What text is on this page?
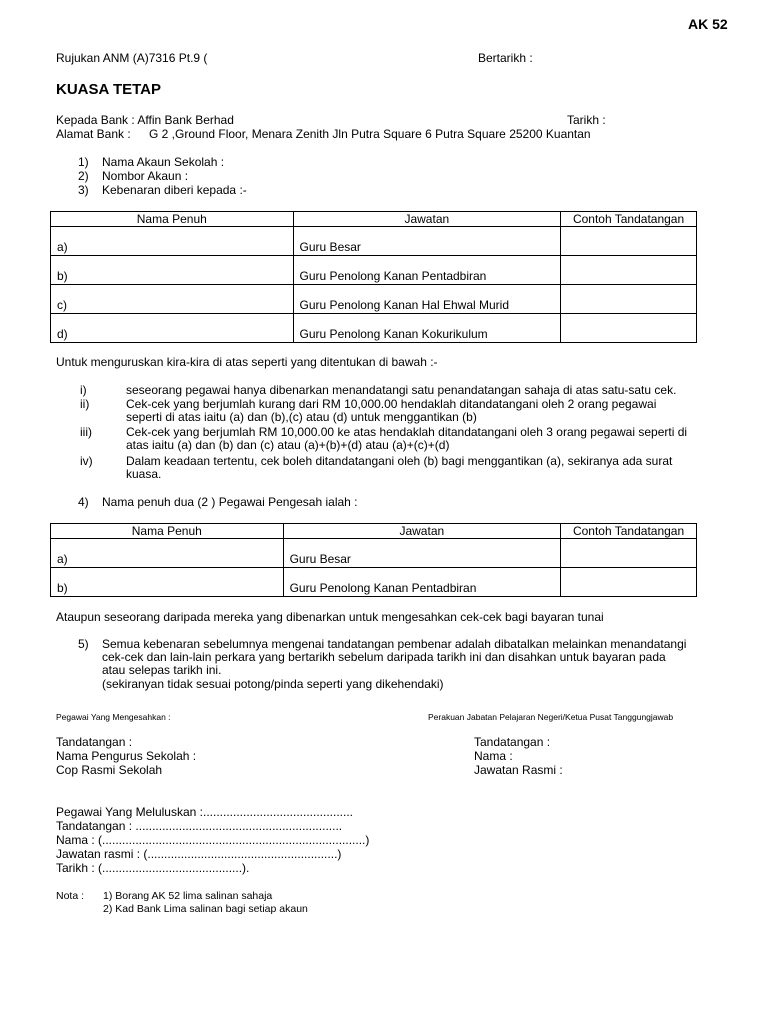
AK 52
Rujukan ANM (A)7316 Pt.9 (	Bertarikh :
KUASA TETAP
Kepada Bank : Affin Bank Berhad	Tarikh :
Alamat Bank : G 2 ,Ground Floor, Menara Zenith Jln Putra Square 6 Putra Square 25200 Kuantan
1) Nama Akaun Sekolah :
2) Nombor Akaun :
3) Kebenaran diberi kepada :-
Nama Penuh	Jawatan	Contoh Tandatangan
a)	Guru Besar	
b)	Guru Penolong Kanan Pentadbiran	
c)	Guru Penolong Kanan Hal Ehwal Murid	
d)	Guru Penolong Kanan Kokurikulum	
Untuk menguruskan kira-kira di atas seperti yang ditentukan di bawah :-
i)	seseorang pegawai hanya dibenarkan menandatangi satu penandatangan sahaja di atas satu-satu cek.
ii)	Cek-cek yang berjumlah kurang dari RM 10,000.00 hendaklah ditandatangani oleh 2 orang pegawai
seperti di atas iaitu (a) dan (b),(c) atau (d) untuk menggantikan (b)
iii)	Cek-cek yang berjumlah RM 10,000.00 ke atas hendaklah ditandatangani oleh 3 orang pegawai seperti di
atas iaitu (a) dan (b) dan (c) atau (a)+(b)+(d) atau (a)+(c)+(d)
iv)	Dalam keadaan tertentu, cek boleh ditandatangani oleh (b) bagi menggantikan (a), sekiranya ada surat
kuasa.
4) Nama penuh dua (2 ) Pegawai Pengesah ialah :
Nama Penuh	Jawatan	Contoh Tandatangan
a)	Guru Besar	
b)	Guru Penolong Kanan Pentadbiran	
Ataupun seseorang daripada mereka yang dibenarkan untuk mengesahkan cek-cek bagi bayaran tunai
5) Semua kebenaran sebelumnya mengenai tandatangan pembenar adalah dibatalkan melainkan menandatangi
cek-cek dan lain-lain perkara yang bertarikh sebelum daripada tarikh ini dan disahkan untuk bayaran pada
atau selepas tarikh ini.
(sekiranyan tidak sesuai potong/pinda seperti yang dikehendaki)
Pegawai Yang Mengesahkan :	Perakuan Jabatan Pelajaran Negeri/Ketua Pusat Tanggungjawab
Tandatangan :
Nama Pengurus Sekolah :
Cop Rasmi Sekolah
Tandatangan :
Nama :
Jawatan Rasmi :
Pegawai Yang Meluluskan :.............................................
Tandatangan : ..............................................................
Nama : (...............................................................................)
Jawatan rasmi : (.........................................................)
Tarikh : (..........................................).
Nota : 1) Borang AK 52 lima salinan sahaja
2) Kad Bank Lima salinan bagi setiap akaun
